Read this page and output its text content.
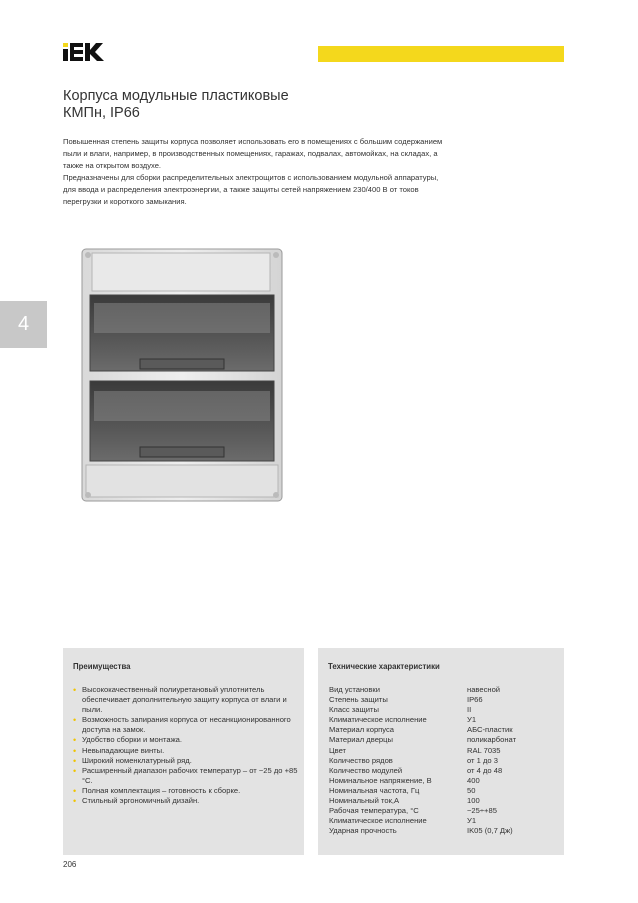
Корпуса модульные пластиковые
КМПн, IP66

Повышенная степень защиты корпуса позволяет использовать его в помещениях с большим содержанием пыли и влаги, например, в производственных помещениях, гаражах, подвалах, автомойках, на складах, а также на открытом воздухе.

Предназначены для сборки распределительных электрощитов с использованием модульной аппаратуры, для ввода и распределения электроэнергии, а также защиты сетей напряжением 230/400 В от токов перегрузки и короткого замыкания.

4
Преимущества
• Высококачественный полиуретановый уплотнитель обеспечивает дополнительную защиту корпуса от влаги и пыли.
• Возможность запирания корпуса от несанкционированного доступа на замок.
• Удобство сборки и монтажа.
• Невыпадающие винты.
• Широкий номенклатурный ряд.
• Расширенный диапазон рабочих температур – от −25 до +85 °С.
• Полная комплектация – готовность к сборке.
• Стильный эргономичный дизайн.
Технические характеристики
Вид установки	навесной
Степень защиты	IP66
Класс защиты	II
Климатическое исполнение	У1
Материал корпуса	АБС-пластик
Материал дверцы	поликарбонат
Цвет	RAL 7035
Количество рядов	от 1 до 3
Количество модулей	от 4 до 48
Номинальное напряжение, В	400
Номинальная частота, Гц	50
Номинальный ток,А	100
Рабочая температура, °С	−25÷+85
Климатическое исполнение	У1
Ударная прочность	IK05 (0,7 Дж)
206
